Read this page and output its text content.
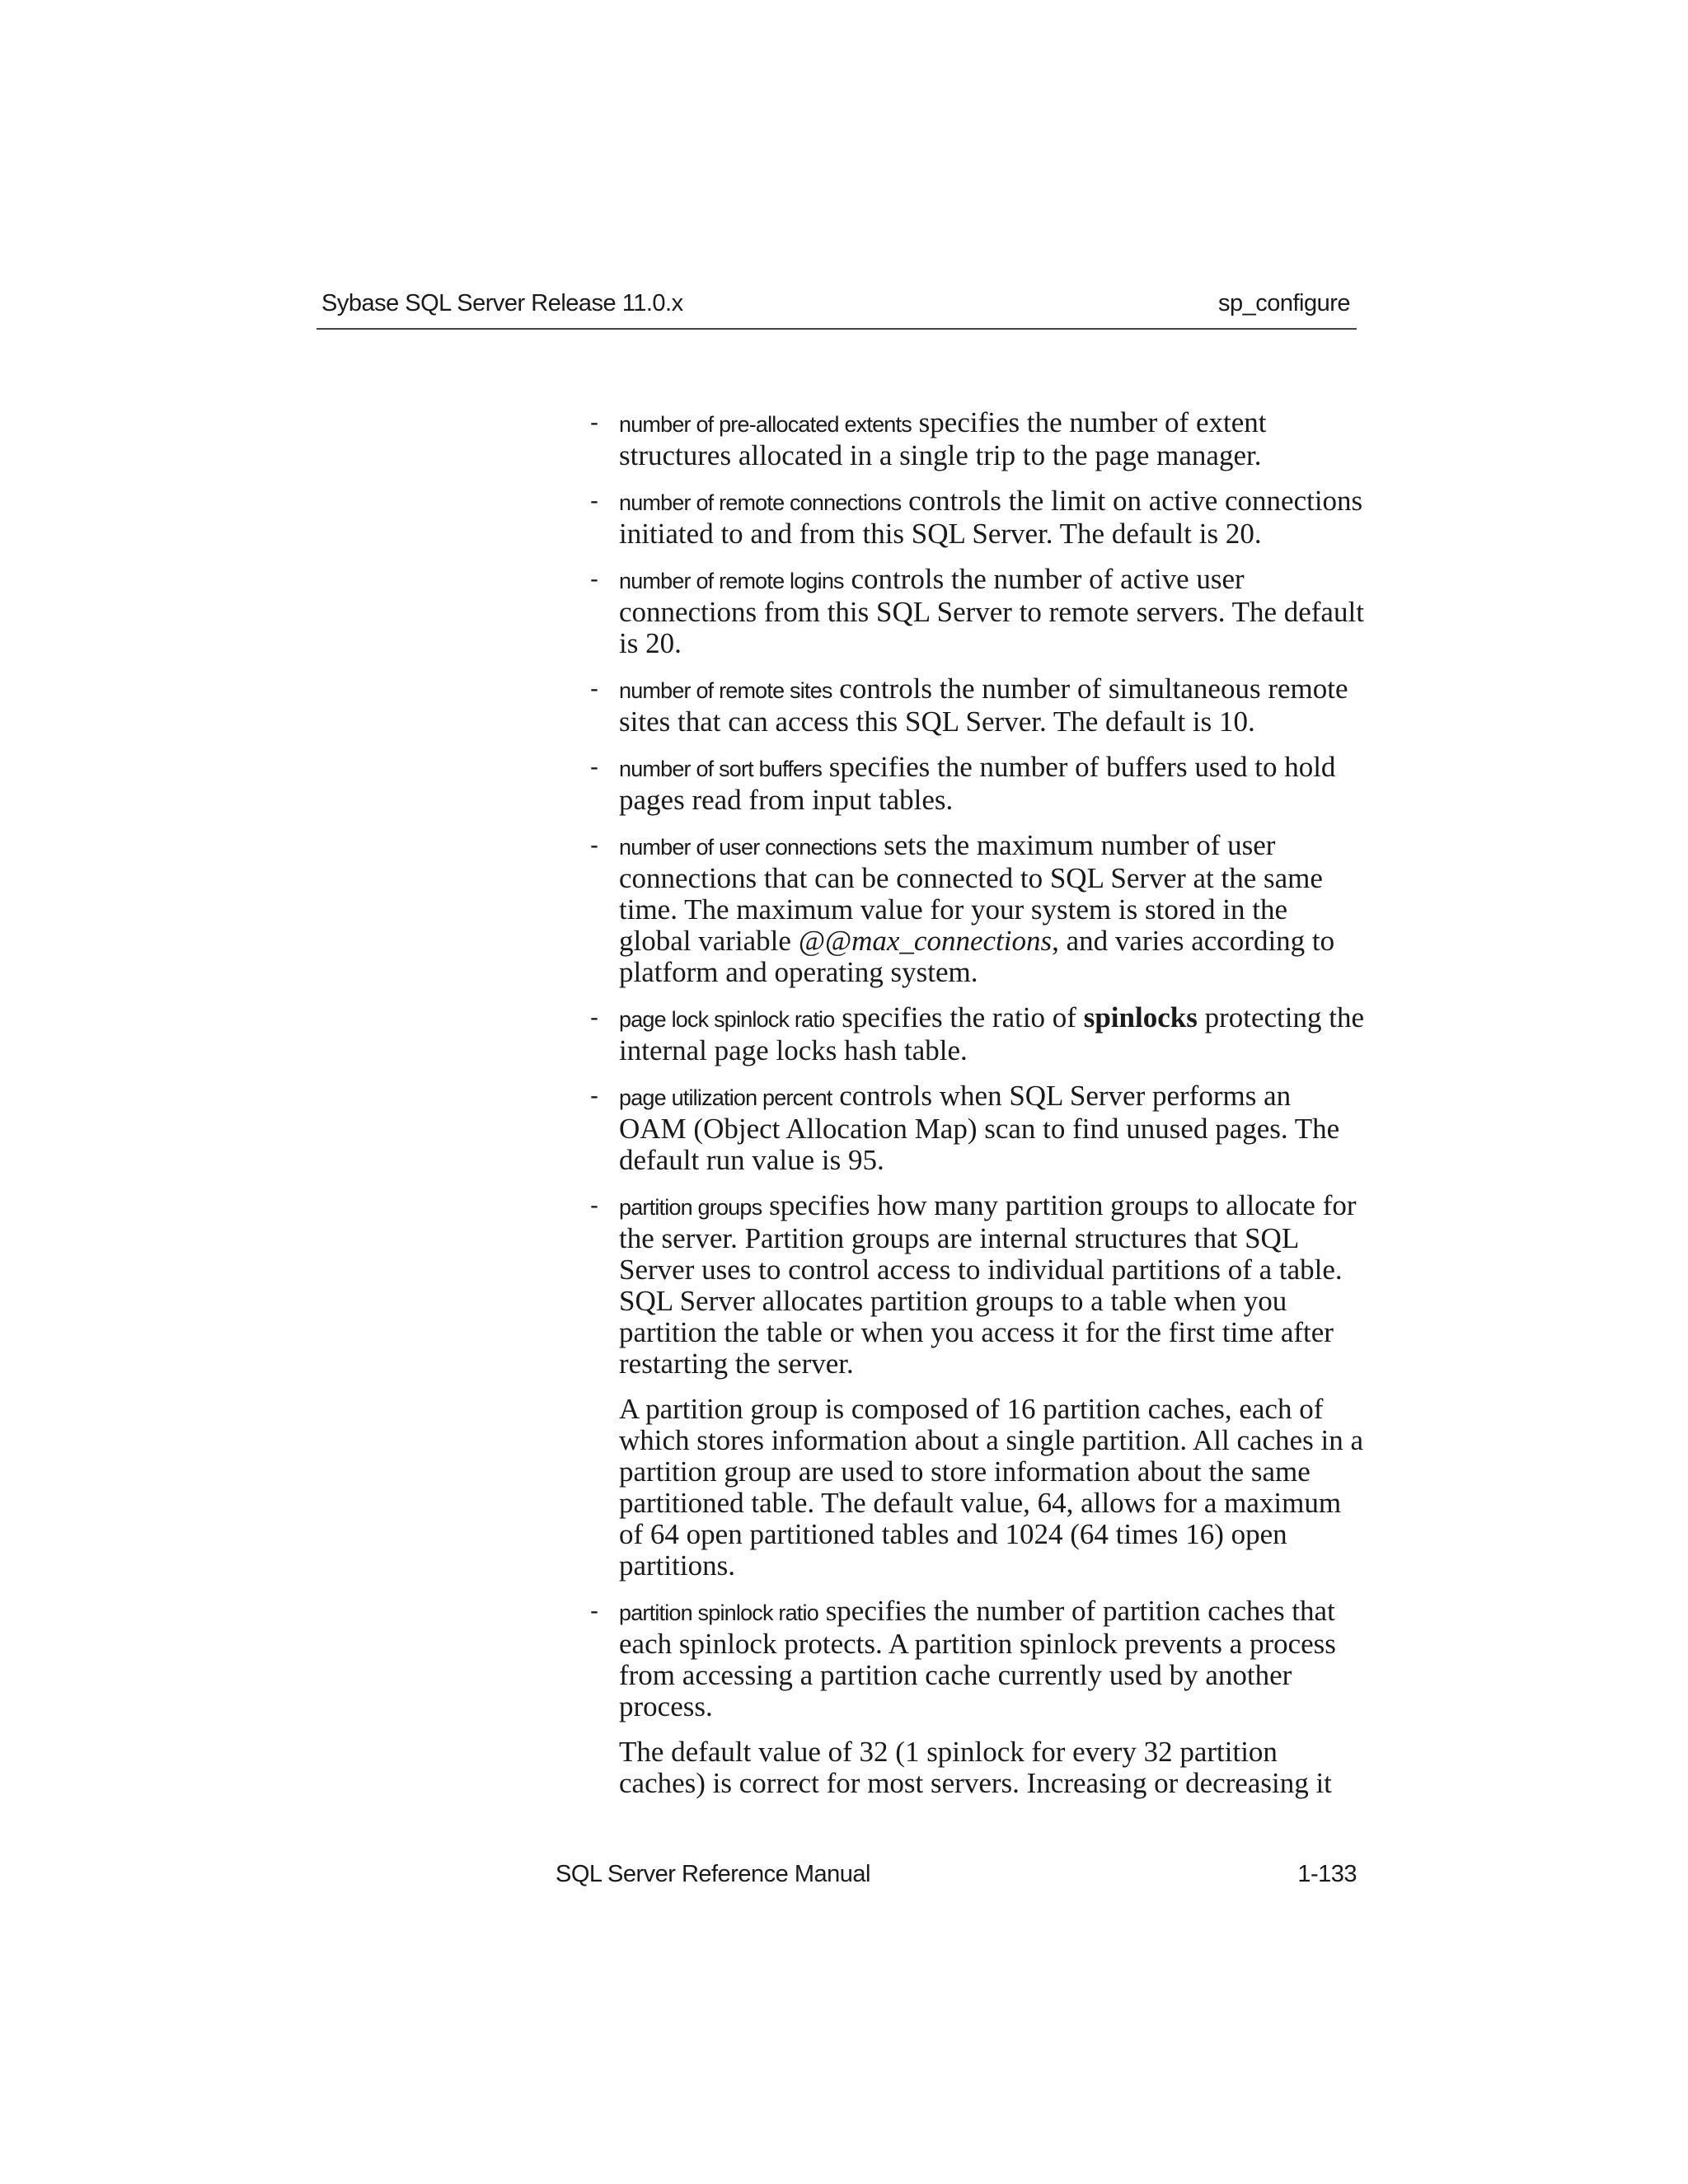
Sybase SQL Server Release 11.0.x	sp_configure
- number of pre-allocated extents specifies the number of extent structures allocated in a single trip to the page manager.

- number of remote connections controls the limit on active connections initiated to and from this SQL Server. The default is 20.

- number of remote logins controls the number of active user connections from this SQL Server to remote servers. The default is 20.

- number of remote sites controls the number of simultaneous remote sites that can access this SQL Server. The default is 10.

- number of sort buffers specifies the number of buffers used to hold pages read from input tables.

- number of user connections sets the maximum number of user connections that can be connected to SQL Server at the same time. The maximum value for your system is stored in the global variable @@max_connections, and varies according to platform and operating system.

- page lock spinlock ratio specifies the ratio of spinlocks protecting the internal page locks hash table.

- page utilization percent controls when SQL Server performs an OAM (Object Allocation Map) scan to find unused pages. The default run value is 95.

- partition groups specifies how many partition groups to allocate for the server. Partition groups are internal structures that SQL Server uses to control access to individual partitions of a table. SQL Server allocates partition groups to a table when you partition the table or when you access it for the first time after restarting the server.

A partition group is composed of 16 partition caches, each of which stores information about a single partition. All caches in a partition group are used to store information about the same partitioned table. The default value, 64, allows for a maximum of 64 open partitioned tables and 1024 (64 times 16) open partitions.

- partition spinlock ratio specifies the number of partition caches that each spinlock protects. A partition spinlock prevents a process from accessing a partition cache currently used by another process.

The default value of 32 (1 spinlock for every 32 partition caches) is correct for most servers. Increasing or decreasing it

SQL Server Reference Manual	1-133
